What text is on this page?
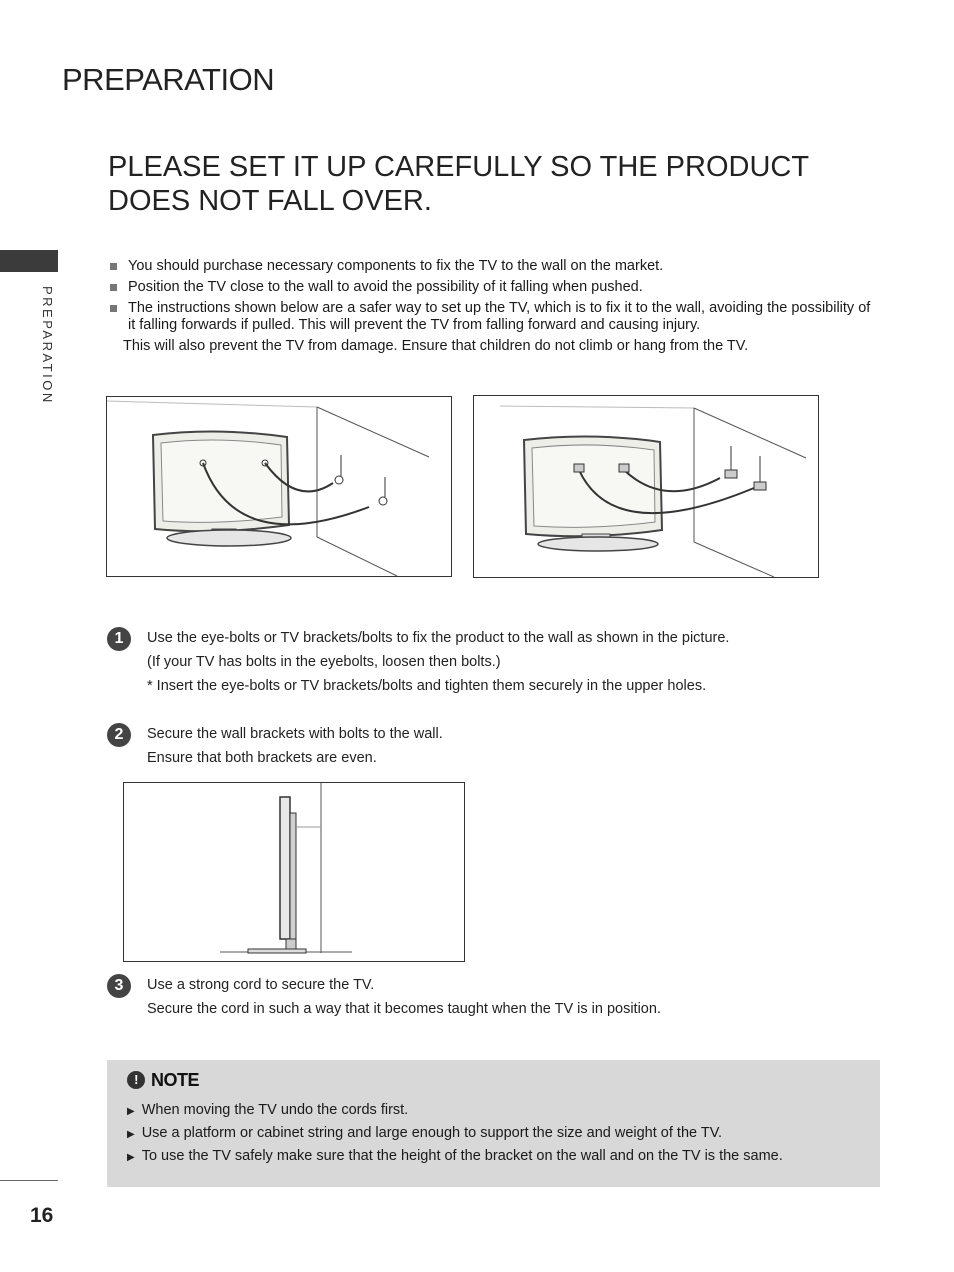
PREPARATION
PREPARATION
PLEASE SET IT UP CAREFULLY SO THE PRODUCT DOES NOT FALL OVER.
You should purchase necessary components to fix the TV to the wall on the market.
Position the TV close to the wall to avoid the possibility of it falling when pushed.
The instructions shown below are a safer way to set up the TV, which is to fix it to the wall, avoiding the possibility of it falling forwards if pulled. This will prevent the TV from falling forward and causing injury.

This will also prevent the TV from damage. Ensure that children do not climb or hang from the TV.

1	Use the eye-bolts or TV brackets/bolts to fix the product to the wall as shown in the picture.

(If your TV has bolts in the eyebolts, loosen then bolts.)

* Insert the eye-bolts or TV brackets/bolts and tighten them securely in the upper holes.

2	Secure the wall brackets with bolts to the wall.

Ensure that both brackets are even.

3	Use a strong cord to secure the TV.

Secure the cord in such a way that it becomes taught when the TV is in position.

! NOTE
▶ When moving the TV undo the cords first.
▶ Use a platform or cabinet string and large enough to support the size and weight of the TV.
▶ To use the TV safely make sure that the height of the bracket on the wall and on the TV is the same.
16
